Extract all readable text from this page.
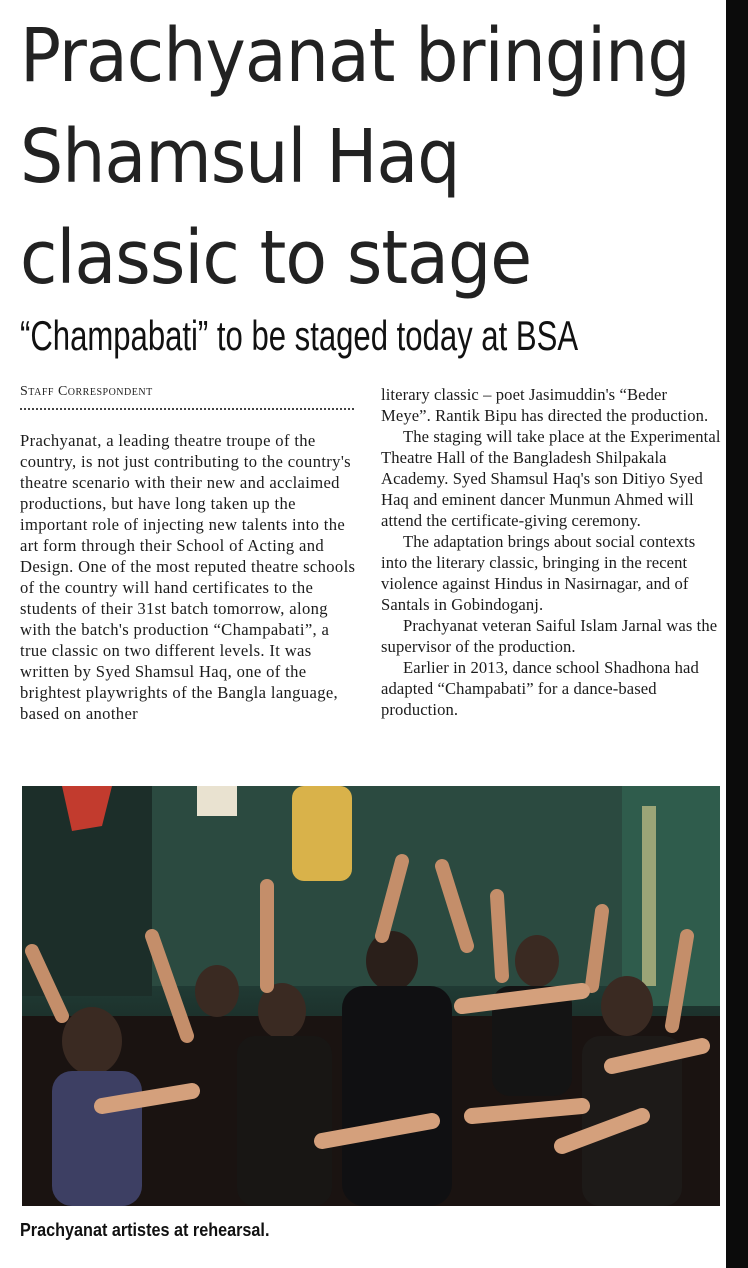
Prachyanat bringing
Shamsul Haq
classic to stage
“Champabati” to be staged today at BSA
Staff Correspondent

Prachyanat, a leading theatre troupe of the country, is not just contributing to the country's theatre scenario with their new and acclaimed productions, but have long taken up the important role of injecting new talents into the art form through their School of Acting and Design. One of the most reputed theatre schools of the country will hand certificates to the students of their 31st batch tomorrow, along with the batch's production “Champabati”, a true classic on two different levels. It was written by Syed Shamsul Haq, one of the brightest playwrights of the Bangla language, based on another

literary classic – poet Jasimuddin's “Beder Meye”. Rantik Bipu has directed the production.

The staging will take place at the Experimental Theatre Hall of the Bangladesh Shilpakala Academy. Syed Shamsul Haq's son Ditiyo Syed Haq and eminent dancer Munmun Ahmed will attend the certificate-giving ceremony.

The adaptation brings about social contexts into the literary classic, bringing in the recent violence against Hindus in Nasirnagar, and of Santals in Gobindoganj.

Prachyanat veteran Saiful Islam Jarnal was the supervisor of the production.

Earlier in 2013, dance school Shadhona had adapted “Champabati” for a dance-based production.

Prachyanat artistes at rehearsal.
